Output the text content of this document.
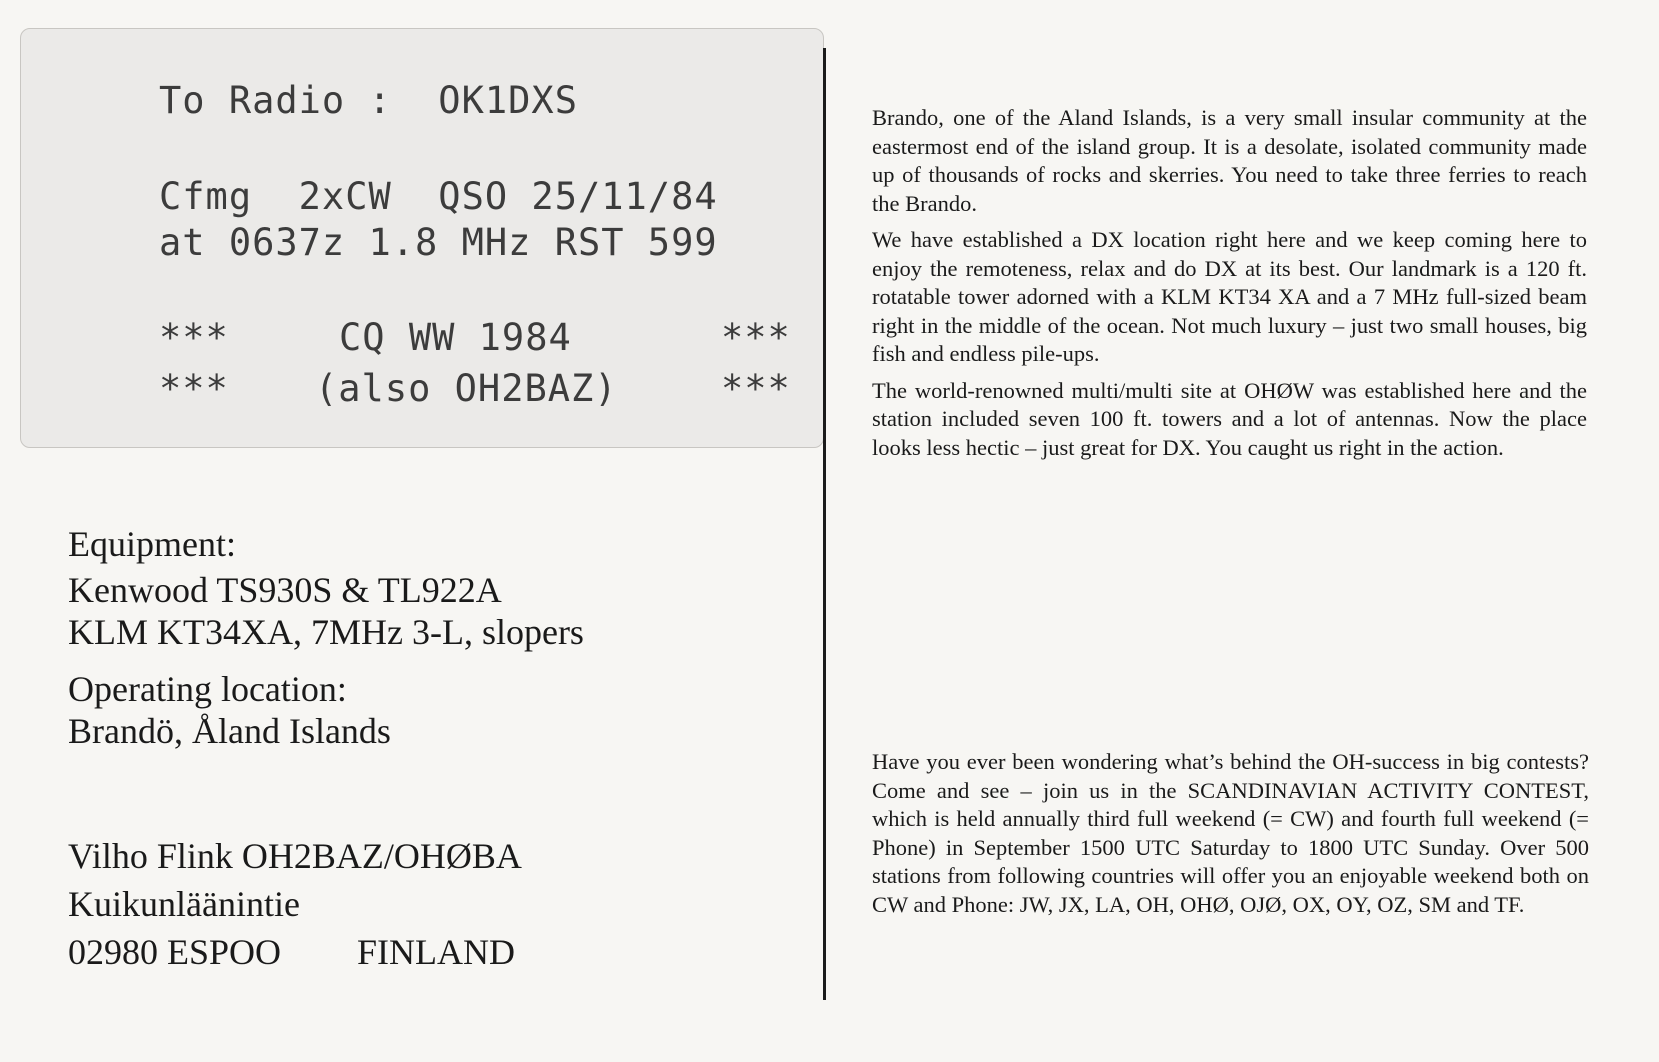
To Radio :  OK1DXS
Cfmg  2xCW  QSO 25/11/84
at 0637z 1.8 MHz RST 599
***	CQ WW 1984	***
*** (also OH2BAZ)	***
Equipment:
Kenwood TS930S & TL922A
KLM KT34XA, 7MHz 3-L, slopers
Operating location:
Brandö, Åland Islands
Vilho Flink OH2BAZ/OHØBA
Kuikunläänintie
02980 ESPOO FINLAND

Brando, one of the Aland Islands, is a very small insular community at the eastermost end of the island group. It is a desolate, isolated community made up of thousands of rocks and skerries. You need to take three ferries to reach the Brando.

We have established a DX location right here and we keep coming here to enjoy the remoteness, relax and do DX at its best. Our landmark is a 120 ft. rotatable tower adorned with a KLM KT34 XA and a 7 MHz full-sized beam right in the middle of the ocean. Not much luxury – just two small houses, big fish and endless pile-ups.

The world-renowned multi/multi site at OHØW was established here and the station included seven 100 ft. towers and a lot of antennas. Now the place looks less hectic – just great for DX. You caught us right in the action.

Have you ever been wondering what’s behind the OH-success in big contests? Come and see – join us in the SCANDINAVIAN ACTIVITY CONTEST, which is held annually third full weekend (= CW) and fourth full weekend (= Phone) in September 1500 UTC Saturday to 1800 UTC Sunday. Over 500 stations from following countries will offer you an enjoyable weekend both on CW and Phone: JW, JX, LA, OH, OHØ, OJØ, OX, OY, OZ, SM and TF.
